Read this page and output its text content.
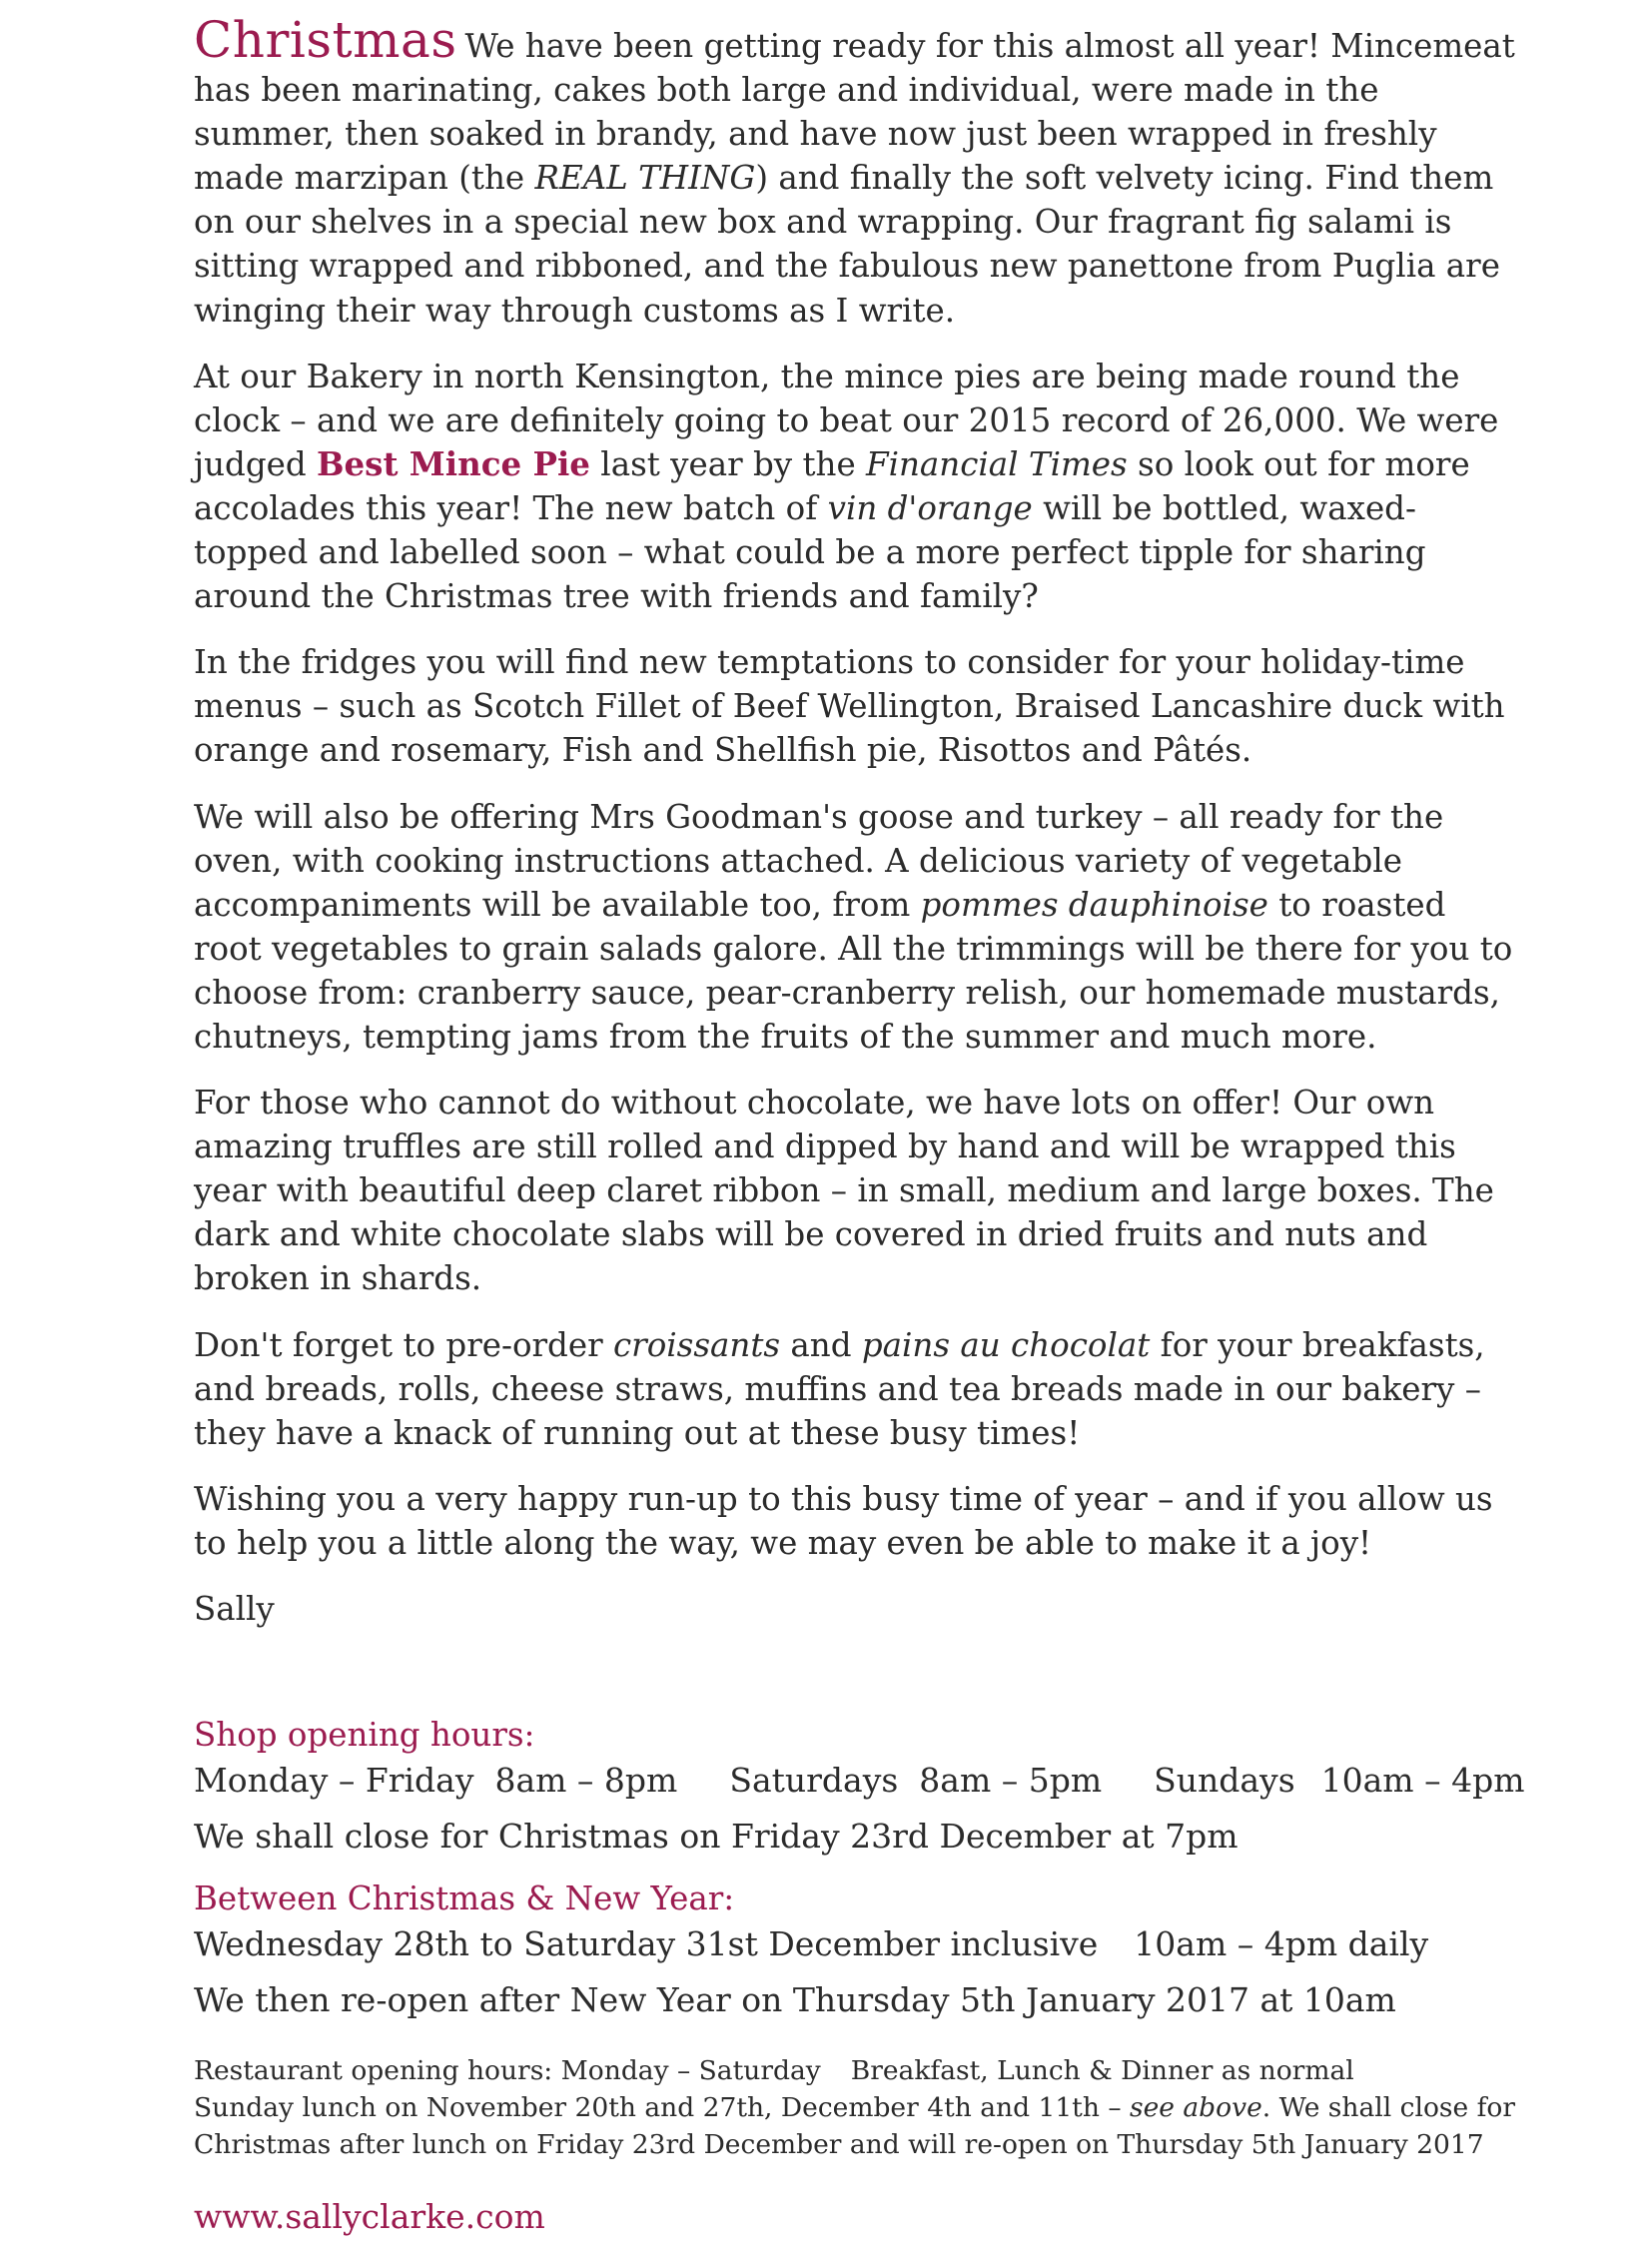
Christmas We have been getting ready for this almost all year! Mincemeat has been marinating, cakes both large and individual, were made in the summer, then soaked in brandy, and have now just been wrapped in freshly made marzipan (the REAL THING) and finally the soft velvety icing. Find them on our shelves in a special new box and wrapping. Our fragrant fig salami is sitting wrapped and ribboned, and the fabulous new panettone from Puglia are winging their way through customs as I write.

At our Bakery in north Kensington, the mince pies are being made round the clock – and we are definitely going to beat our 2015 record of 26,000. We were judged Best Mince Pie last year by the Financial Times so look out for more accolades this year! The new batch of vin d'orange will be bottled, waxed-topped and labelled soon – what could be a more perfect tipple for sharing around the Christmas tree with friends and family?

In the fridges you will find new temptations to consider for your holiday-time menus – such as Scotch Fillet of Beef Wellington, Braised Lancashire duck with orange and rosemary, Fish and Shellfish pie, Risottos and Pâtés.

We will also be offering Mrs Goodman's goose and turkey – all ready for the oven, with cooking instructions attached. A delicious variety of vegetable accompaniments will be available too, from pommes dauphinoise to roasted root vegetables to grain salads galore. All the trimmings will be there for you to choose from: cranberry sauce, pear-cranberry relish, our homemade mustards, chutneys, tempting jams from the fruits of the summer and much more.

For those who cannot do without chocolate, we have lots on offer! Our own amazing truffles are still rolled and dipped by hand and will be wrapped this year with beautiful deep claret ribbon – in small, medium and large boxes. The dark and white chocolate slabs will be covered in dried fruits and nuts and broken in shards.

Don't forget to pre-order croissants and pains au chocolat for your breakfasts, and breads, rolls, cheese straws, muffins and tea breads made in our bakery – they have a knack of running out at these busy times!

Wishing you a very happy run-up to this busy time of year – and if you allow us to help you a little along the way, we may even be able to make it a joy!

Sally

Shop opening hours:
Monday – Friday 8am – 8pm Saturdays 8am – 5pm Sundays 10am – 4pm
We shall close for Christmas on Friday 23rd December at 7pm
Between Christmas & New Year:
Wednesday 28th to Saturday 31st December inclusive 10am – 4pm daily
We then re-open after New Year on Thursday 5th January 2017 at 10am
Restaurant opening hours: Monday – Saturday Breakfast, Lunch & Dinner as normal
Sunday lunch on November 20th and 27th, December 4th and 11th – see above. We shall close for Christmas after lunch on Friday 23rd December and will re-open on Thursday 5th January 2017
www.sallyclarke.com
